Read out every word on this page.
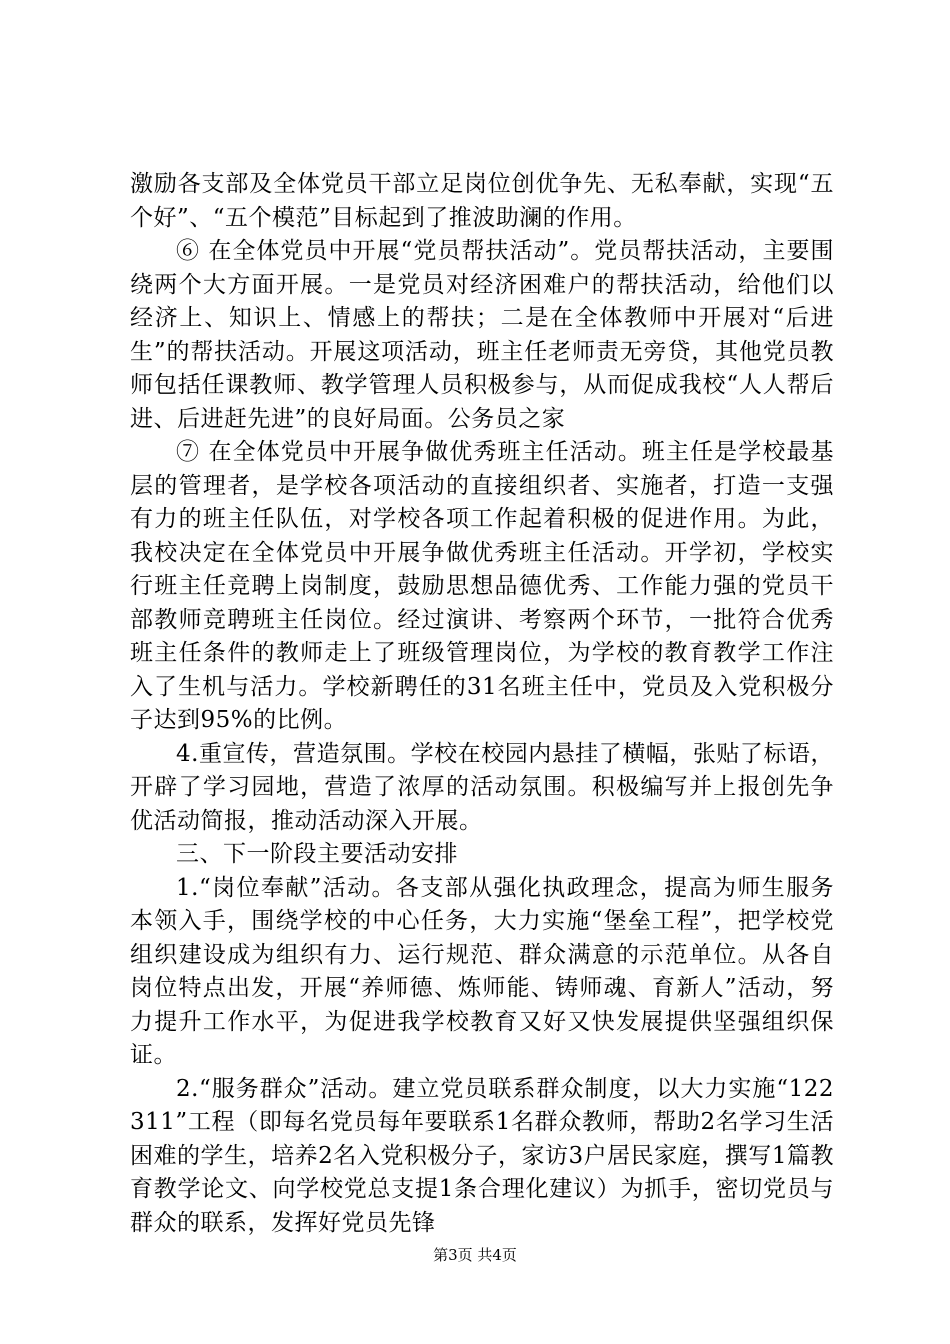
激励各支部及全体党员干部立足岗位创优争先、无私奉献，实现“五个好”、“五个模范”目标起到了推波助澜的作用。

⑥ 在全体党员中开展“党员帮扶活动”。党员帮扶活动，主要围绕两个大方面开展。一是党员对经济困难户的帮扶活动，给他们以经济上、知识上、情感上的帮扶；二是在全体教师中开展对“后进生”的帮扶活动。开展这项活动，班主任老师责无旁贷，其他党员教师包括任课教师、教学管理人员积极参与，从而促成我校“人人帮后进、后进赶先进”的良好局面。公务员之家

⑦ 在全体党员中开展争做优秀班主任活动。班主任是学校最基层的管理者，是学校各项活动的直接组织者、实施者，打造一支强有力的班主任队伍，对学校各项工作起着积极的促进作用。为此，我校决定在全体党员中开展争做优秀班主任活动。开学初，学校实行班主任竞聘上岗制度，鼓励思想品德优秀、工作能力强的党员干部教师竞聘班主任岗位。经过演讲、考察两个环节，一批符合优秀班主任条件的教师走上了班级管理岗位，为学校的教育教学工作注入了生机与活力。学校新聘任的31名班主任中，党员及入党积极分子达到95%的比例。

4.重宣传，营造氛围。学校在校园内悬挂了横幅，张贴了标语，开辟了学习园地，营造了浓厚的活动氛围。积极编写并上报创先争优活动简报，推动活动深入开展。

三、下一阶段主要活动安排

1.“岗位奉献”活动。各支部从强化执政理念，提高为师生服务本领入手，围绕学校的中心任务，大力实施“堡垒工程”，把学校党组织建设成为组织有力、运行规范、群众满意的示范单位。从各自岗位特点出发，开展“养师德、炼师能、铸师魂、育新人”活动，努力提升工作水平，为促进我学校教育又好又快发展提供坚强组织保证。

2.“服务群众”活动。建立党员联系群众制度，以大力实施“122311”工程（即每名党员每年要联系1名群众教师，帮助2名学习生活困难的学生，培养2名入党积极分子，家访3户居民家庭，撰写1篇教育教学论文、向学校党总支提1条合理化建议）为抓手，密切党员与群众的联系，发挥好党员先锋

第3页 共4页
